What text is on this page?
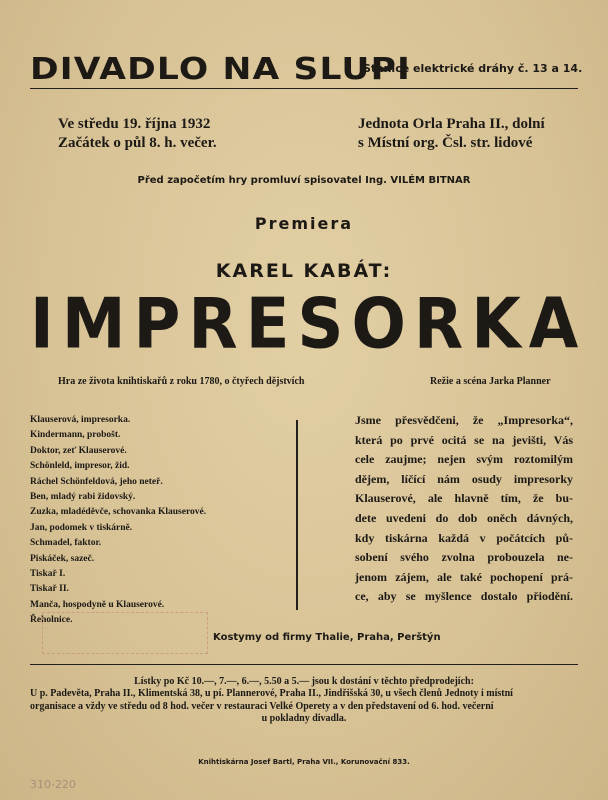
DIVADLO NA SLUPI
Stanice elektrické dráhy č. 13 a 14.
Ve středu 19. října 1932
Začátek o půl 8. h. večer.
Jednota Orla Praha II., dolní
s Místní org. Čsl. str. lidové
Před započetím hry promluví spisovatel Ing. VILÉM BITNAR
Premiera
KAREL KABÁT:
IMPRESORKA
Hra ze života knihtiskařů z roku 1780, o čtyřech dějstvích	Režie a scéna Jarka Planner
Klauserová, impresorka.
Kindermann, probošt.
Doktor, zeť Klauserové.
Schönleld, impresor, žid.
Ráchel Schönfeldová, jeho neteř.
Ben, mladý rabi židovský.
Zuzka, mladéděvče, schovanka Klauserové.
Jan, podomek v tiskárně.
Schmadel, faktor.
Piskáček, sazeč.
Tiskař I.
Tiskař II.
Manča, hospodyně u Klauserové.
Řeholnice.
Jsme přesvědčeni, že „Impresorka“,
která po prvé ocitá se na jevišti, Vás
cele zaujme; nejen svým roztomilým
dějem, líčící nám osudy impresorky
Klauserové, ale hlavně tím, že bu-
dete uvedeni do dob oněch dávných,
kdy tiskárna každá v počátcích pů-
sobení svého zvolna probouzela ne-
jenom zájem, ale také pochopení prá-
ce, aby se myšlence dostalo přiodění.
Kostymy od firmy Thalie, Praha, Perštýn
Lístky po Kč 10.—, 7.—, 6.—, 5.50 a 5.— jsou k dostání v těchto předprodejích:
U p. Padevěta, Praha II., Klimentská 38, u pí. Plannerové, Praha II., Jindřišská 30, u všech členů Jednoty i místní
organisace a vždy ve středu od 8 hod. večer v restauraci Velké Operety a v den představení od 6. hod. večerní
u pokladny divadla.
Knihtiskárna Josef Bartl, Praha VII., Korunovační 833.
310-220
